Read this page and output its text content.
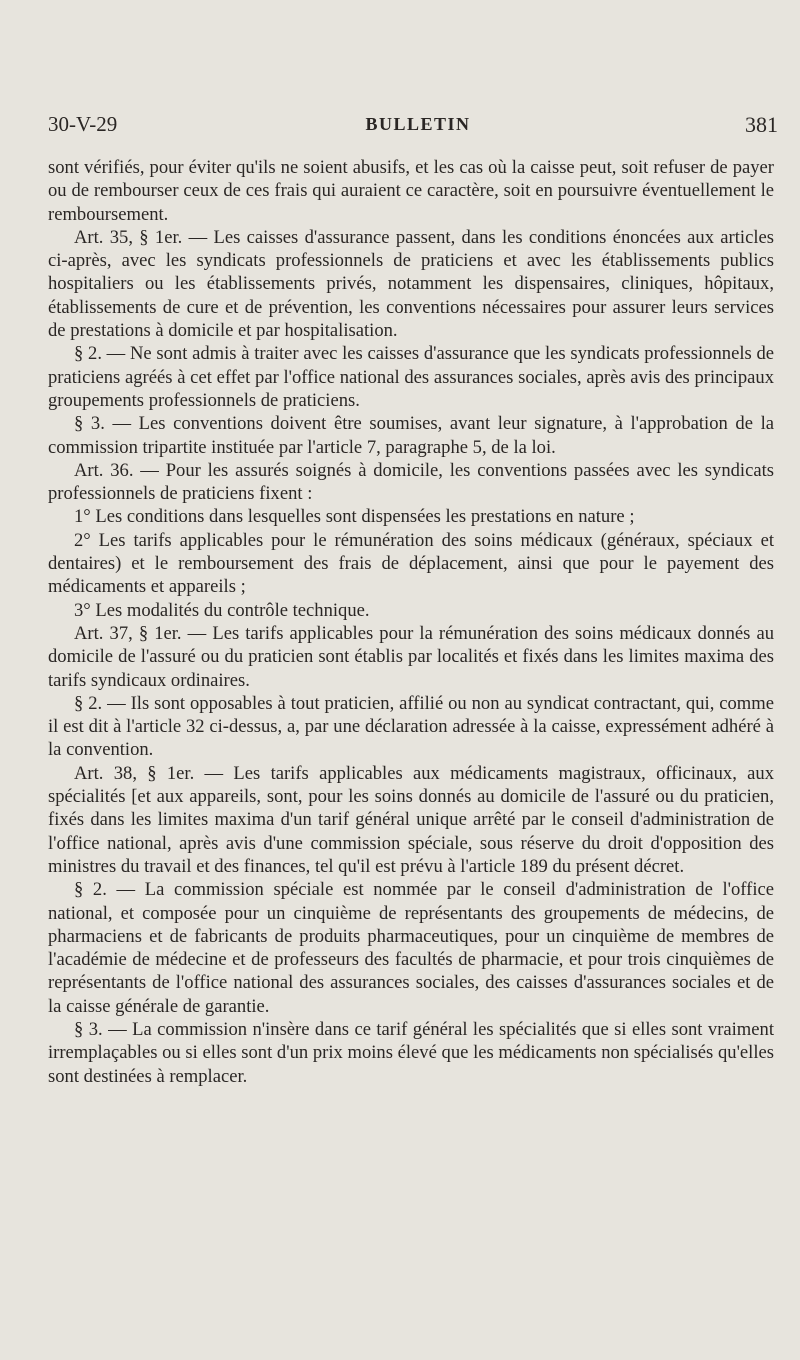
30-V-29	BULLETIN	381

sont vérifiés, pour éviter qu'ils ne soient abusifs, et les cas où la caisse peut, soit refuser de payer ou de rembourser ceux de ces frais qui auraient ce caractère, soit en poursuivre éventuellement le remboursement.

Art. 35, § 1er. — Les caisses d'assurance passent, dans les conditions énoncées aux articles ci-après, avec les syndicats professionnels de praticiens et avec les établissements publics hospitaliers ou les établissements privés, notamment les dispensaires, cliniques, hôpitaux, établissements de cure et de prévention, les conventions nécessaires pour assurer leurs services de prestations à domicile et par hospitalisation.

§ 2. — Ne sont admis à traiter avec les caisses d'assurance que les syndicats professionnels de praticiens agréés à cet effet par l'office national des assurances sociales, après avis des principaux groupements professionnels de praticiens.

§ 3. — Les conventions doivent être soumises, avant leur signature, à l'approbation de la commission tripartite instituée par l'article 7, paragraphe 5, de la loi.

Art. 36. — Pour les assurés soignés à domicile, les conventions passées avec les syndicats professionnels de praticiens fixent :

1° Les conditions dans lesquelles sont dispensées les prestations en nature ;

2° Les tarifs applicables pour le rémunération des soins médicaux (généraux, spéciaux et dentaires) et le remboursement des frais de déplacement, ainsi que pour le payement des médicaments et appareils ;

3° Les modalités du contrôle technique.

Art. 37, § 1er. — Les tarifs applicables pour la rémunération des soins médicaux donnés au domicile de l'assuré ou du praticien sont établis par localités et fixés dans les limites maxima des tarifs syndicaux ordinaires.

§ 2. — Ils sont opposables à tout praticien, affilié ou non au syndicat contractant, qui, comme il est dit à l'article 32 ci-dessus, a, par une déclaration adressée à la caisse, expressément adhéré à la convention.

Art. 38, § 1er. — Les tarifs applicables aux médicaments magistraux, officinaux, aux spécialités [et aux appareils, sont, pour les soins donnés au domicile de l'assuré ou du praticien, fixés dans les limites maxima d'un tarif général unique arrêté par le conseil d'administration de l'office national, après avis d'une commission spéciale, sous réserve du droit d'opposition des ministres du travail et des finances, tel qu'il est prévu à l'article 189 du présent décret.

§ 2. — La commission spéciale est nommée par le conseil d'administration de l'office national, et composée pour un cinquième de représentants des groupements de médecins, de pharmaciens et de fabricants de produits pharmaceutiques, pour un cinquième de membres de l'académie de médecine et de professeurs des facultés de pharmacie, et pour trois cinquièmes de représentants de l'office national des assurances sociales, des caisses d'assurances sociales et de la caisse générale de garantie.

§ 3. — La commission n'insère dans ce tarif général les spécialités que si elles sont vraiment irremplaçables ou si elles sont d'un prix moins élevé que les médicaments non spécialisés qu'elles sont destinées à remplacer.
